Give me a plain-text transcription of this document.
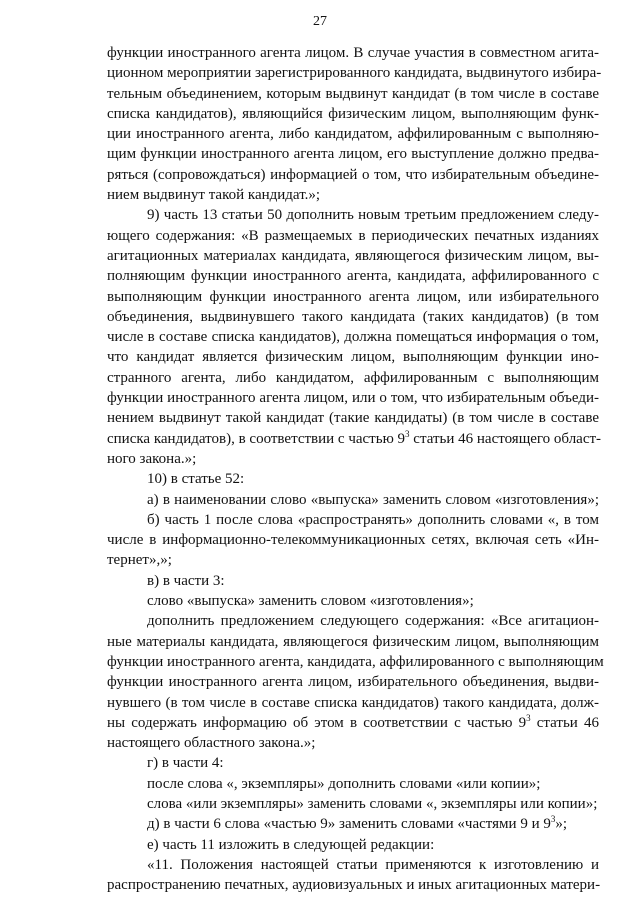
27
функции иностранного агента лицом. В случае участия в совместном агита-
ционном мероприятии зарегистрированного кандидата, выдвинутого избира-
тельным объединением, которым выдвинут кандидат (в том числе в составе
списка кандидатов), являющийся физическим лицом, выполняющим функ-
ции иностранного агента, либо кандидатом, аффилированным с выполняю-
щим функции иностранного агента лицом, его выступление должно предва-
ряться (сопровождаться) информацией о том, что избирательным объедине-
нием выдвинут такой кандидат.»;
9) часть 13 статьи 50 дополнить новым третьим предложением следу-
ющего содержания: «В размещаемых в периодических печатных изданиях
агитационных материалах кандидата, являющегося физическим лицом, вы-
полняющим функции иностранного агента, кандидата, аффилированного с
выполняющим функции иностранного агента лицом, или избирательного
объединения, выдвинувшего такого кандидата (таких кандидатов) (в том
числе в составе списка кандидатов), должна помещаться информация о том,
что кандидат является физическим лицом, выполняющим функции ино-
странного агента, либо кандидатом, аффилированным с выполняющим
функции иностранного агента лицом, или о том, что избирательным объеди-
нением выдвинут такой кандидат (такие кандидаты) (в том числе в составе
списка кандидатов), в соответствии с частью $9^3$ статьи 46 настоящего област-
ного закона.»;
10) в статье 52:
а) в наименовании слово «выпуска» заменить словом «изготовления»;
б) часть 1 после слова «распространять» дополнить словами «, в том
числе в информационно-телекоммуникационных сетях, включая сеть «Ин-
тернет»,»;
в) в части 3:
слово «выпуска» заменить словом «изготовления»;
дополнить предложением следующего содержания: «Все агитацион-
ные материалы кандидата, являющегося физическим лицом, выполняющим
функции иностранного агента, кандидата, аффилированного с выполняющим
функции иностранного агента лицом, избирательного объединения, выдви-
нувшего (в том числе в составе списка кандидатов) такого кандидата, долж-
ны содержать информацию об этом в соответствии с частью $9^3$ статьи 46
настоящего областного закона.»;
г) в части 4:
после слова «, экземпляры» дополнить словами «или копии»;
слова «или экземпляры» заменить словами «, экземпляры или копии»;
д) в части 6 слова «частью 9» заменить словами «частями 9 и $9^3$»;
е) часть 11 изложить в следующей редакции:
«11. Положения настоящей статьи применяются к изготовлению и
распространению печатных, аудиовизуальных и иных агитационных матери-
